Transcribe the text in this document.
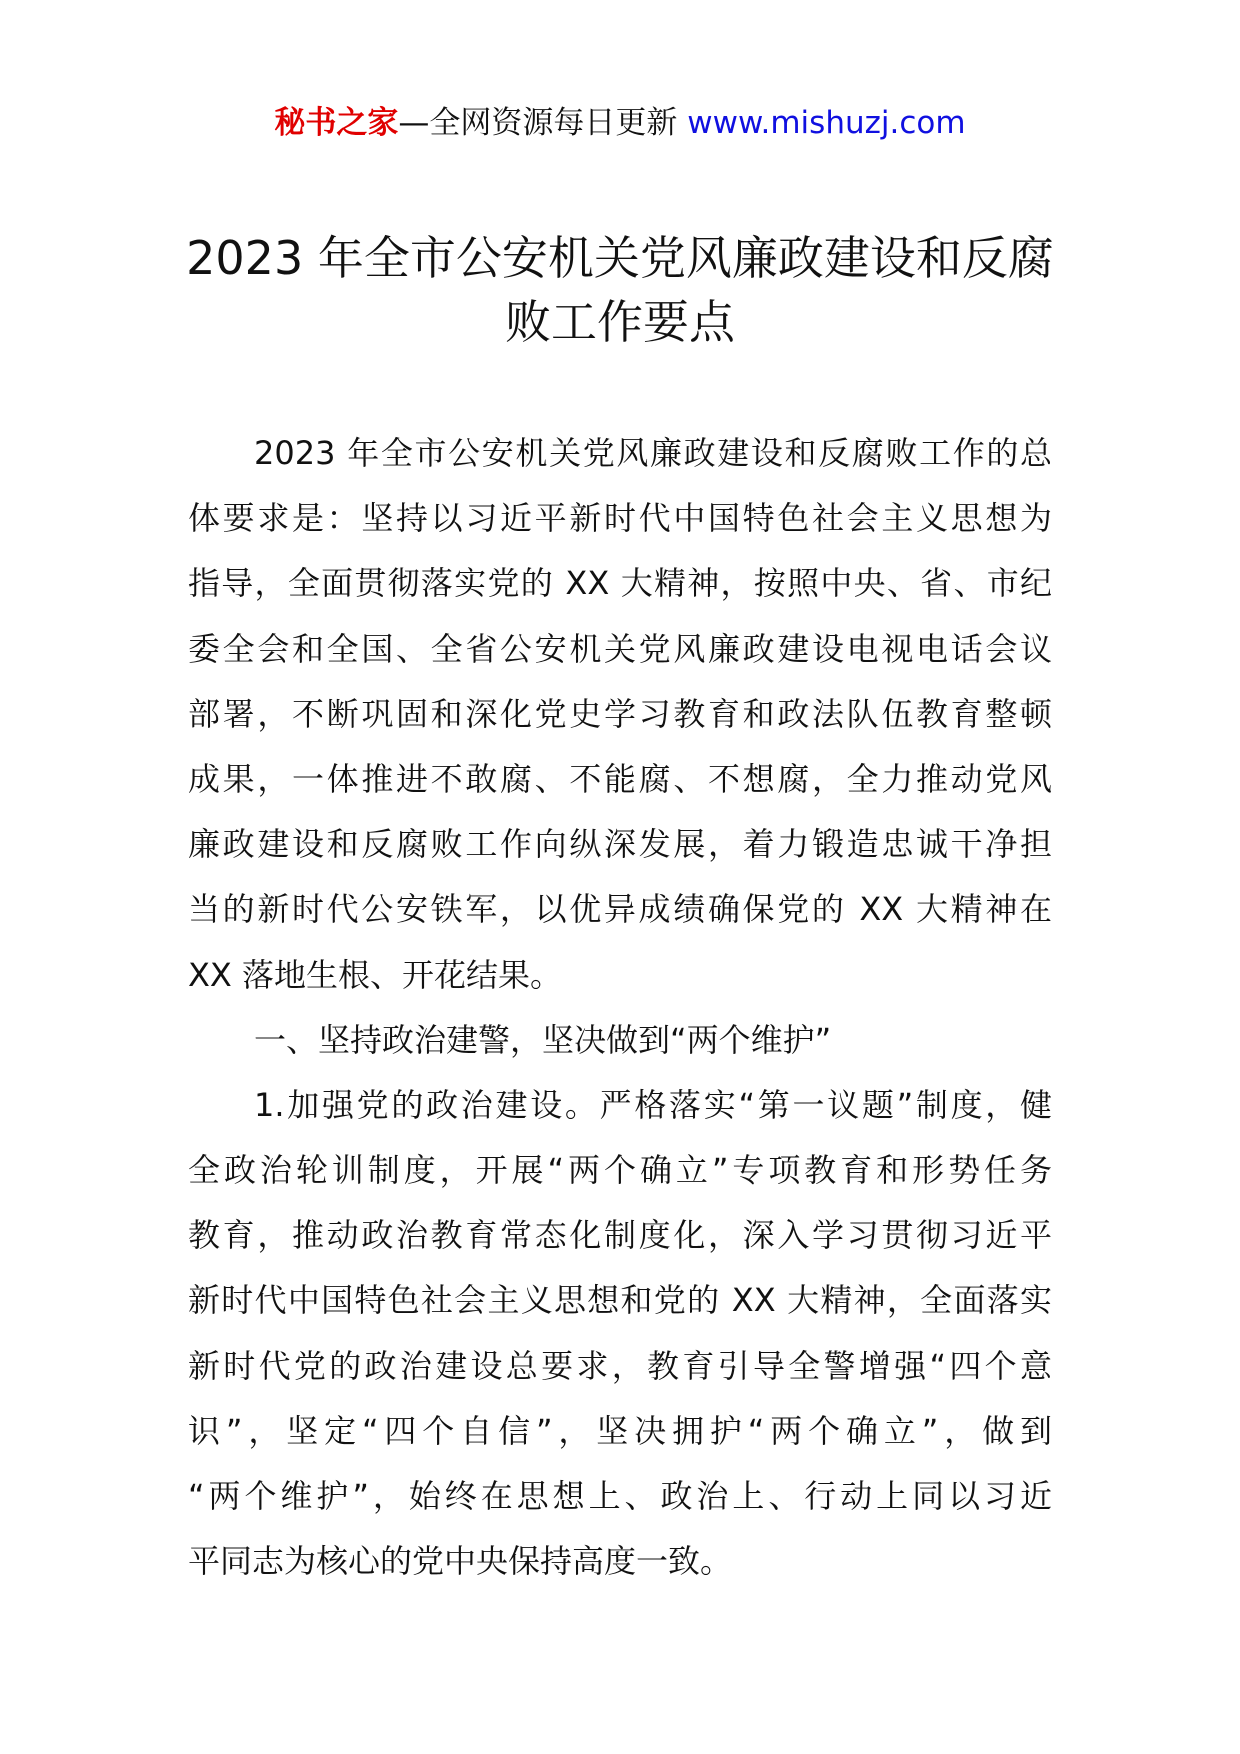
秘书之家—全网资源每日更新 www.mishuzj.com
2023 年全市公安机关党风廉政建设和反腐
败工作要点
2023 年全市公安机关党风廉政建设和反腐败工作的总
体要求是：坚持以习近平新时代中国特色社会主义思想为
指导，全面贯彻落实党的 XX 大精神，按照中央、省、市纪
委全会和全国、全省公安机关党风廉政建设电视电话会议
部署，不断巩固和深化党史学习教育和政法队伍教育整顿
成果，一体推进不敢腐、不能腐、不想腐，全力推动党风
廉政建设和反腐败工作向纵深发展，着力锻造忠诚干净担
当的新时代公安铁军，以优异成绩确保党的 XX 大精神在
XX 落地生根、开花结果。
一、坚持政治建警，坚决做到“两个维护”
1.加强党的政治建设。严格落实“第一议题”制度，健
全政治轮训制度，开展“两个确立”专项教育和形势任务
教育，推动政治教育常态化制度化，深入学习贯彻习近平
新时代中国特色社会主义思想和党的 XX 大精神，全面落实
新时代党的政治建设总要求，教育引导全警增强“四个意
识”，坚定“四个自信”，坚决拥护“两个确立”，做到
“两个维护”，始终在思想上、政治上、行动上同以习近
平同志为核心的党中央保持高度一致。
